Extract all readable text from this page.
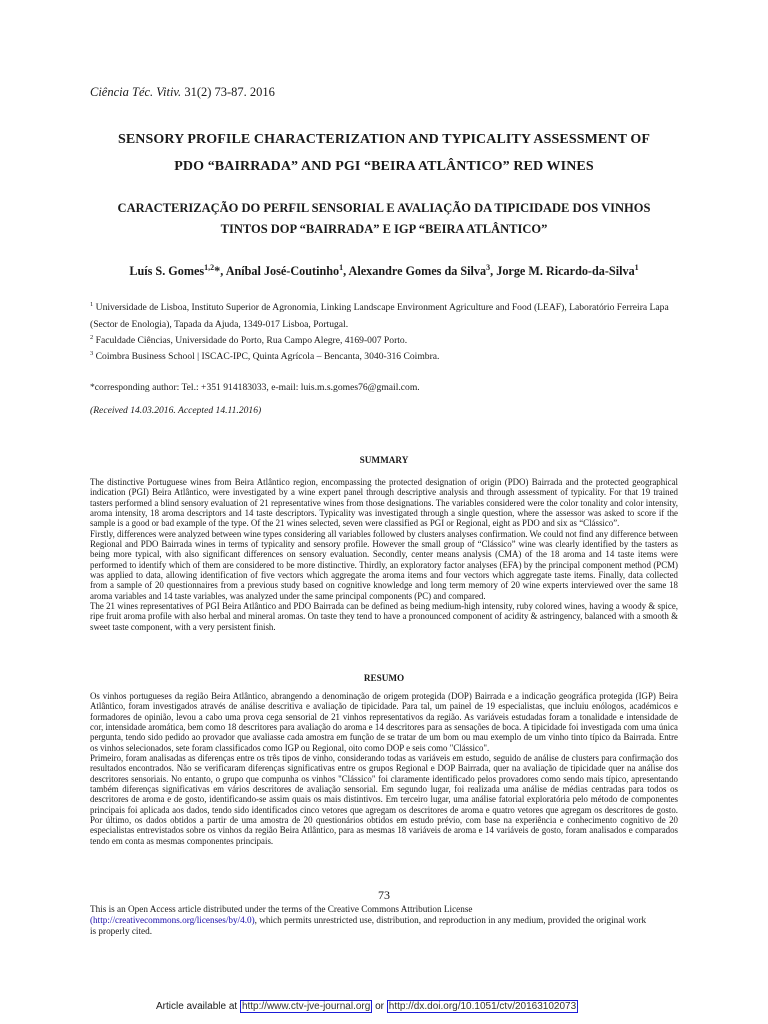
Ciência Téc. Vitiv. 31(2) 73-87. 2016
SENSORY PROFILE CHARACTERIZATION AND TYPICALITY ASSESSMENT OF
PDO “BAIRRADA” AND PGI “BEIRA ATLÂNTICO” RED WINES
CARACTERIZAÇÃO DO PERFIL SENSORIAL E AVALIAÇÃO DA TIPICIDADE DOS VINHOS
TINTOS DOP “BAIRRADA” E IGP “BEIRA ATLÂNTICO”
Luís S. Gomes$^{1,2}$*, Aníbal José-Coutinho$^1$, Alexandre Gomes da Silva$^3$, Jorge M. Ricardo-da-Silva$^1$
$^1$ Universidade de Lisboa, Instituto Superior de Agronomia, Linking Landscape Environment Agriculture and Food (LEAF), Laboratório Ferreira Lapa (Sector de Enologia), Tapada da Ajuda, 1349-017 Lisboa, Portugal.
$^2$ Faculdade Ciências, Universidade do Porto, Rua Campo Alegre, 4169-007 Porto.
$^3$ Coimbra Business School | ISCAC-IPC, Quinta Agrícola – Bencanta, 3040-316 Coimbra.
*corresponding author: Tel.: +351 914183033, e-mail: luis.m.s.gomes76@gmail.com.
(Received 14.03.2016. Accepted 14.11.2016)
SUMMARY

The distinctive Portuguese wines from Beira Atlântico region, encompassing the protected designation of origin (PDO) Bairrada and the protected geographical indication (PGI) Beira Atlântico, were investigated by a wine expert panel through descriptive analysis and through assessment of typicality. For that 19 trained tasters performed a blind sensory evaluation of 21 representative wines from those designations. The variables considered were the color tonality and color intensity, aroma intensity, 18 aroma descriptors and 14 taste descriptors. Typicality was investigated through a single question, where the assessor was asked to score if the sample is a good or bad example of the type. Of the 21 wines selected, seven were classified as PGI or Regional, eight as PDO and six as “Clássico”.

Firstly, differences were analyzed between wine types considering all variables followed by clusters analyses confirmation. We could not find any difference between Regional and PDO Bairrada wines in terms of typicality and sensory profile. However the small group of “Clássico” wine was clearly identified by the tasters as being more typical, with also significant differences on sensory evaluation. Secondly, center means analysis (CMA) of the 18 aroma and 14 taste items were performed to identify which of them are considered to be more distinctive. Thirdly, an exploratory factor analyses (EFA) by the principal component method (PCM) was applied to data, allowing identification of five vectors which aggregate the aroma items and four vectors which aggregate taste items. Finally, data collected from a sample of 20 questionnaires from a previous study based on cognitive knowledge and long term memory of 20 wine experts interviewed over the same 18 aroma variables and 14 taste variables, was analyzed under the same principal components (PC) and compared.

The 21 wines representatives of PGI Beira Atlântico and PDO Bairrada can be defined as being medium-high intensity, ruby colored wines, having a woody & spice, ripe fruit aroma profile with also herbal and mineral aromas. On taste they tend to have a pronounced component of acidity & astringency, balanced with a smooth & sweet taste component, with a very persistent finish.

RESUMO

Os vinhos portugueses da região Beira Atlântico, abrangendo a denominação de origem protegida (DOP) Bairrada e a indicação geográfica protegida (IGP) Beira Atlântico, foram investigados através de análise descritiva e avaliação de tipicidade. Para tal, um painel de 19 especialistas, que incluiu enólogos, académicos e formadores de opinião, levou a cabo uma prova cega sensorial de 21 vinhos representativos da região. As variáveis estudadas foram a tonalidade e intensidade de cor, intensidade aromática, bem como 18 descritores para avaliação do aroma e 14 descritores para as sensações de boca. A tipicidade foi investigada com uma única pergunta, tendo sido pedido ao provador que avaliasse cada amostra em função de se tratar de um bom ou mau exemplo de um vinho tinto típico da Bairrada. Entre os vinhos selecionados, sete foram classificados como IGP ou Regional, oito como DOP e seis como "Clássico".

Primeiro, foram analisadas as diferenças entre os três tipos de vinho, considerando todas as variáveis em estudo, seguido de análise de clusters para confirmação dos resultados encontrados. Não se verificaram diferenças significativas entre os grupos Regional e DOP Bairrada, quer na avaliação de tipicidade quer na análise dos descritores sensoriais. No entanto, o grupo que compunha os vinhos "Clássico" foi claramente identificado pelos provadores como sendo mais típico, apresentando também diferenças significativas em vários descritores de avaliação sensorial. Em segundo lugar, foi realizada uma análise de médias centradas para todos os descritores de aroma e de gosto, identificando-se assim quais os mais distintivos. Em terceiro lugar, uma análise fatorial exploratória pelo método de componentes principais foi aplicada aos dados, tendo sido identificados cinco vetores que agregam os descritores de aroma e quatro vetores que agregam os descritores de gosto. Por último, os dados obtidos a partir de uma amostra de 20 questionários obtidos em estudo prévio, com base na experiência e conhecimento cognitivo de 20 especialistas entrevistados sobre os vinhos da região Beira Atlântico, para as mesmas 18 variáveis de aroma e 14 variáveis de gosto, foram analisados e comparados tendo em conta as mesmas componentes principais.

73
This is an Open Access article distributed under the terms of the Creative Commons Attribution License
(http://creativecommons.org/licenses/by/4.0), which permits unrestricted use, distribution, and reproduction in any medium, provided the original work is properly cited.
Article available at http://www.ctv-jve-journal.org or http://dx.doi.org/10.1051/ctv/20163102073
